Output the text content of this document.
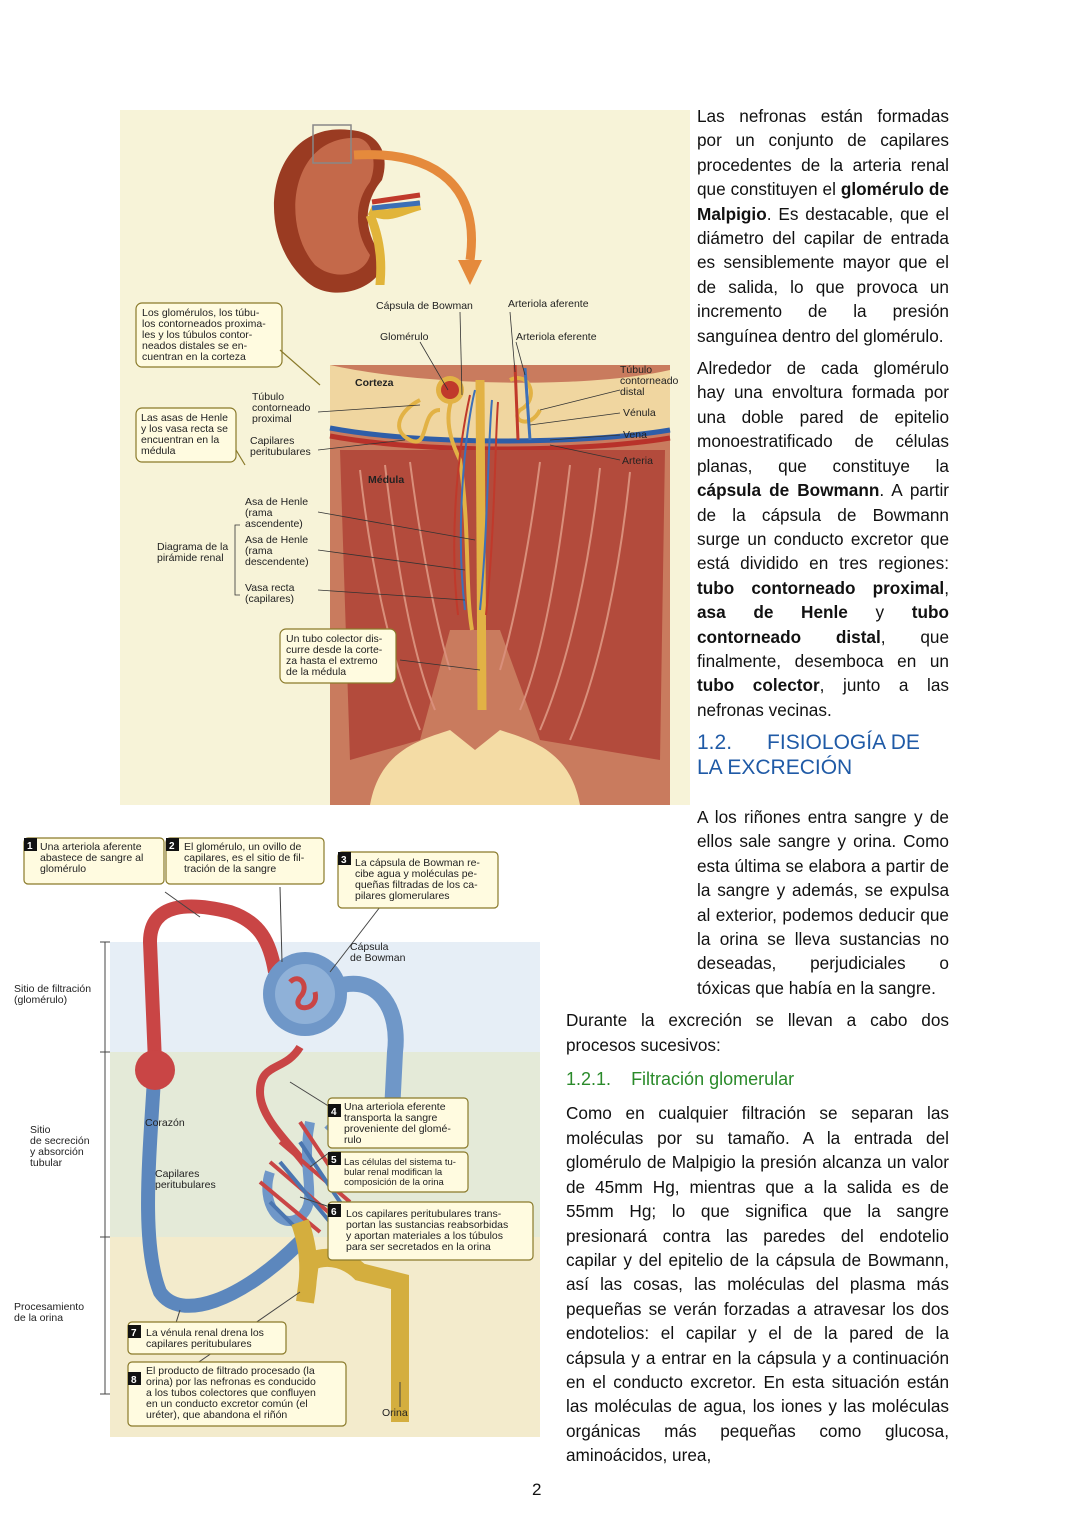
Cápsula de Bowman	Arteriola aferente
Glomérulo	Arteriola eferente
Corteza
Médula
Túbulo
contorneado
proximal
Capilares
peritubulares
Túbulo
contorneado
distal
Vénula
Vena
Arteria
Asa de Henle
(rama
ascendente)
Asa de Henle
(rama
descendente)
Vasa recta
(capilares)
Diagrama de la
pirámide renal
Los glomérulos, los túbu-
los contorneados proxima-
les y los túbulos contor-
neados distales se en-
cuentran en la corteza
Las asas de Henle
y los vasa recta se
encuentran en la
médula
Un tubo colector dis-
curre desde la corte-
za hasta el extremo
de la médula
Sitio de filtración
(glomérulo)
Sitio
de secreción
y absorción
tubular
Procesamiento
de la orina
Cápsula
de Bowman
Corazón
Capilares
peritubulares
Orina
1 Una arteriola aferente
abastece de sangre al
glomérulo
2 El glomérulo, un ovillo de
capilares, es el sitio de fil-
tración de la sangre
3 La cápsula de Bowman re-
cibe agua y moléculas pe-
queñas filtradas de los ca-
pilares glomerulares
4 Una arteriola eferente
transporta la sangre
proveniente del glomé-
rulo
5 Las células del sistema tu-
bular renal modifican la
composición de la orina
6 Los capilares peritubulares trans-
portan las sustancias reabsorbidas
y aportan materiales a los túbulos
para ser secretados en la orina
7 La vénula renal drena los
capilares peritubulares
8
El producto de filtrado procesado (la
orina) por las nefronas es conducido
a los tubos colectores que confluyen
en un conducto excretor común (el
uréter), que abandona el riñón

Las nefronas están formadas por un conjunto de capilares procedentes de la arteria renal que constituyen el glomérulo de Malpigio. Es destacable, que el diámetro del capilar de entrada es sensiblemente mayor que el de salida, lo que provoca un incremento de la presión sanguínea dentro del glomérulo.

Alrededor de cada glomérulo hay una envoltura formada por una doble pared de epitelio monoestratificado de células planas, que constituye la cápsula de Bowmann. A partir de la cápsula de Bowmann surge un conducto excretor que está dividido en tres regiones: tubo contorneado proximal, asa de Henle y tubo contorneado distal, que finalmente, desemboca en un tubo colector, junto a las nefronas vecinas.

1.2. FISIOLOGÍA DE LA EXCRECIÓN

A los riñones entra sangre y de ellos sale sangre y orina. Como esta última se elabora a partir de la sangre y además, se expulsa al exterior, podemos deducir que la orina se lleva sustancias no deseadas, perjudiciales o tóxicas que había en la sangre.

Durante la excreción se llevan a cabo dos procesos sucesivos:

1.2.1. Filtración glomerular

Como en cualquier filtración se separan las moléculas por su tamaño. A la entrada del glomérulo de Malpigio la presión alcanza un valor de 45mm Hg, mientras que a la salida es de 55mm Hg; lo que significa que la sangre presionará contra las paredes del endotelio capilar y del epitelio de la cápsula de Bowmann, así las cosas, las moléculas del plasma más pequeñas se verán forzadas a atravesar los dos endotelios: el capilar y el de la pared de la cápsula y a entrar en la cápsula y a continuación en el conducto excretor. En esta situación están las moléculas de agua, los iones y las moléculas orgánicas más pequeñas como glucosa, aminoácidos, urea,

2
